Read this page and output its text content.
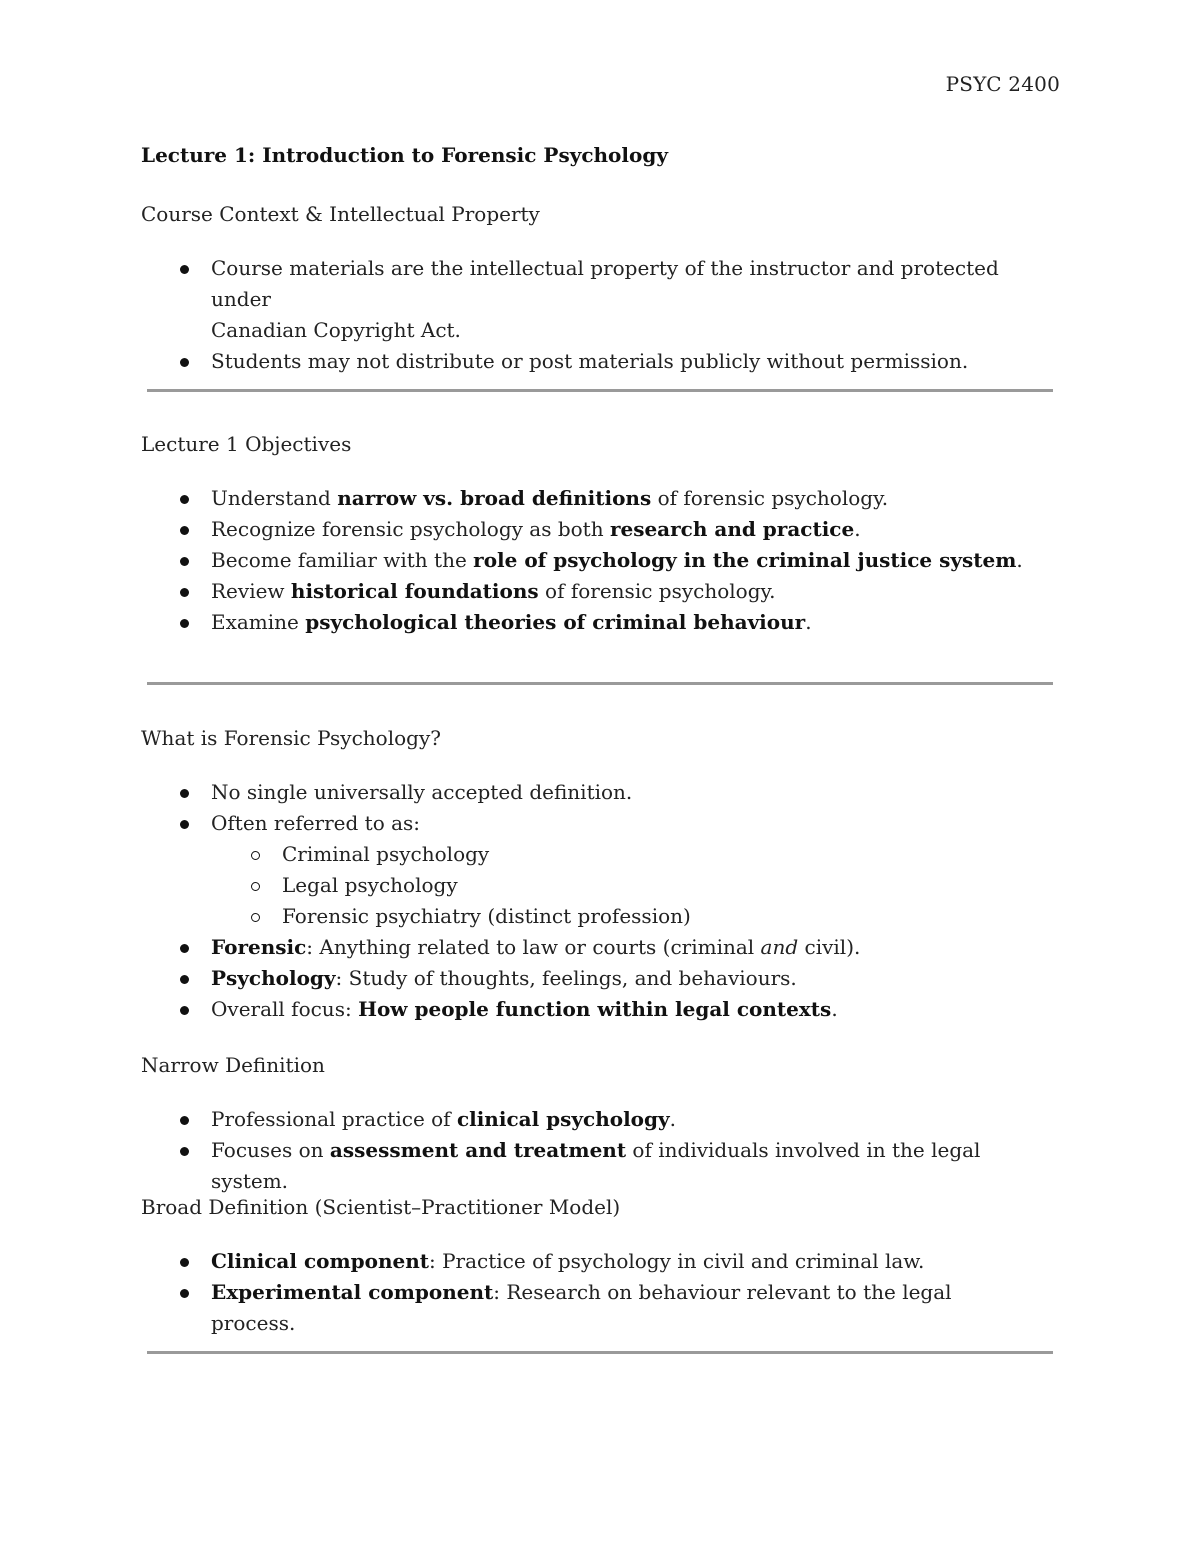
PSYC 2400
Lecture 1: Introduction to Forensic Psychology

Course Context & Intellectual Property

Course materials are the intellectual property of the instructor and protected under
Canadian Copyright Act.
Students may not distribute or post materials publicly without permission.

Lecture 1 Objectives

Understand narrow vs. broad definitions of forensic psychology.
Recognize forensic psychology as both research and practice.
Become familiar with the role of psychology in the criminal justice system.
Review historical foundations of forensic psychology.
Examine psychological theories of criminal behaviour.

What is Forensic Psychology?

No single universally accepted definition.
Often referred to as:
Criminal psychology
Legal psychology
Forensic psychiatry (distinct profession)
Forensic: Anything related to law or courts (criminal and civil).
Psychology: Study of thoughts, feelings, and behaviours.
Overall focus: How people function within legal contexts.

Narrow Definition

Professional practice of clinical psychology.
Focuses on assessment and treatment of individuals involved in the legal system.

Broad Definition (Scientist–Practitioner Model)

Clinical component: Practice of psychology in civil and criminal law.
Experimental component: Research on behaviour relevant to the legal process.
